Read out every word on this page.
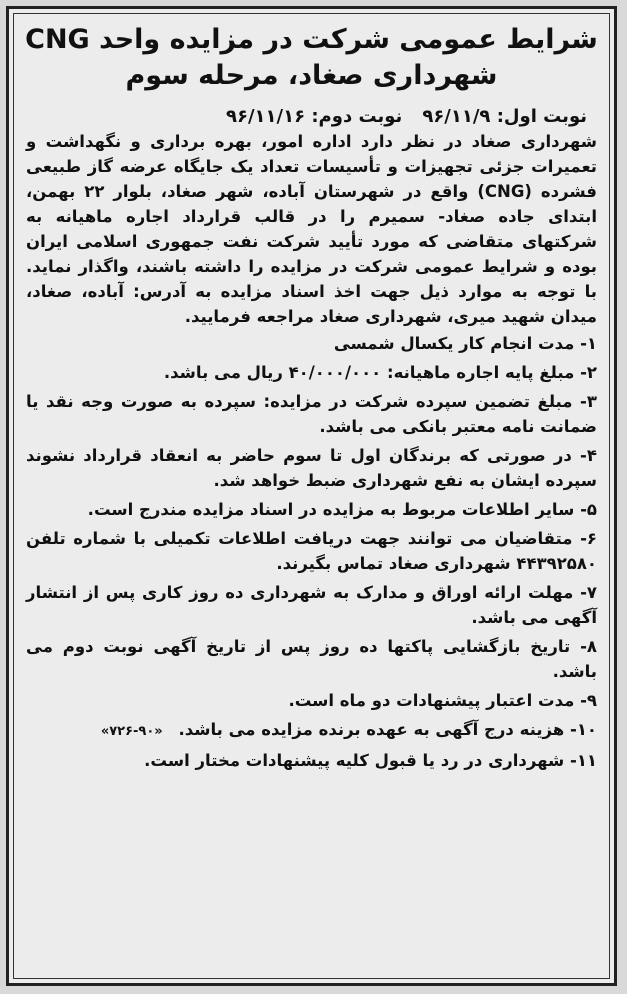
شرایط عمومی شرکت در مزایده واحد CNG
شهرداری صغاد، مرحله سوم
نوبت اول: ۹۶/۱۱/۹
نوبت دوم: ۹۶/۱۱/۱۶

شهرداری صغاد در نظر دارد اداره امور، بهره برداری و نگهداشت و تعمیرات جزئی تجهیزات و تأسیسات تعداد یک جایگاه عرضه گاز طبیعی فشرده (CNG) واقع در شهرستان آباده، شهر صغاد، بلوار ۲۲ بهمن، ابتدای جاده صغاد- سمیرم را در قالب قرارداد اجاره ماهیانه به شرکتهای متقاضی که مورد تأیید شرکت نفت جمهوری اسلامی ایران بوده و شرایط عمومی شرکت در مزایده را داشته باشند، واگذار نماید. با توجه به موارد ذیل جهت اخذ اسناد مزایده به آدرس: آباده، صغاد، میدان شهید میری، شهرداری صغاد مراجعه فرمایید.

۱- مدت انجام کار یکسال شمسی
۲- مبلغ پایه اجاره ماهیانه: ۴۰/۰۰۰/۰۰۰ ریال می باشد.
۳- مبلغ تضمین سپرده شرکت در مزایده: سپرده به صورت وجه نقد یا ضمانت نامه معتبر بانکی می باشد.
۴- در صورتی که برندگان اول تا سوم حاضر به انعقاد قرارداد نشوند سپرده ایشان به نفع شهرداری ضبط خواهد شد.
۵- سایر اطلاعات مربوط به مزایده در اسناد مزایده مندرج است.
۶- متقاضیان می توانند جهت دریافت اطلاعات تکمیلی با شماره تلفن ۴۴۳۹۲۵۸۰ شهرداری صغاد تماس بگیرند.
۷- مهلت ارائه اوراق و مدارک به شهرداری ده روز کاری پس از انتشار آگهی می باشد.
۸- تاریخ بازگشایی پاکتها ده روز پس از تاریخ آگهی نوبت دوم می باشد.
۹- مدت اعتبار پیشنهادات دو ماه است.
۱۰- هزینه درج آگهی به عهده برنده مزایده می باشد. «۷۲۶-۹۰»
۱۱- شهرداری در رد یا قبول کلیه پیشنهادات مختار است.
